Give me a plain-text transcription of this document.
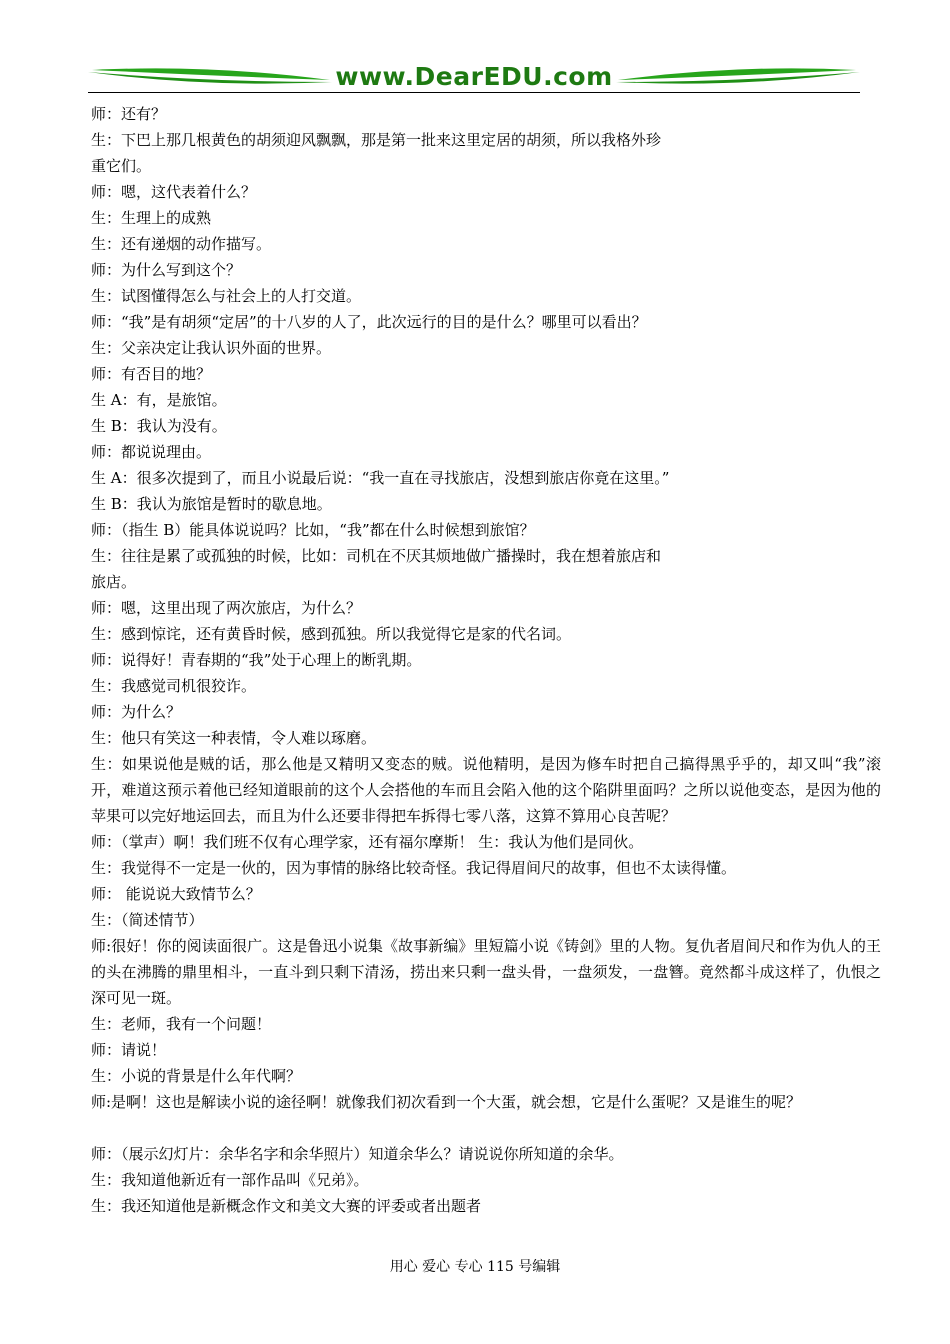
www.DearEDU.com
师：还有？
生：下巴上那几根黄色的胡须迎风飘飘，那是第一批来这里定居的胡须，所以我格外珍
重它们。
师：嗯，这代表着什么？
生：生理上的成熟
生：还有递烟的动作描写。
师：为什么写到这个？
生：试图懂得怎么与社会上的人打交道。
师：“我”是有胡须“定居”的十八岁的人了，此次远行的目的是什么？哪里可以看出？
生：父亲决定让我认识外面的世界。
师：有否目的地？
生 A：有，是旅馆。
生 B：我认为没有。
师：都说说理由。
生 A：很多次提到了，而且小说最后说：“我一直在寻找旅店，没想到旅店你竟在这里。”
生 B：我认为旅馆是暂时的歇息地。
师：（指生 B）能具体说说吗？比如，“我”都在什么时候想到旅馆？
生：往往是累了或孤独的时候，比如：司机在不厌其烦地做广播操时，我在想着旅店和
旅店。
师：嗯，这里出现了两次旅店，为什么？
生：感到惊诧，还有黄昏时候，感到孤独。所以我觉得它是家的代名词。
师：说得好！青春期的“我”处于心理上的断乳期。
生：我感觉司机很狡诈。
师：为什么？
生：他只有笑这一种表情，令人难以琢磨。
生：如果说他是贼的话，那么他是又精明又变态的贼。说他精明，是因为修车时把自己搞得黑乎乎的，却又叫“我”滚开，难道这预示着他已经知道眼前的这个人会搭他的车而且会陷入他的这个陷阱里面吗？之所以说他变态，是因为他的苹果可以完好地运回去，而且为什么还要非得把车拆得七零八落，这算不算用心良苦呢？
师：（掌声）啊！我们班不仅有心理学家，还有福尔摩斯！ 生：我认为他们是同伙。
生：我觉得不一定是一伙的，因为事情的脉络比较奇怪。我记得眉间尺的故事，但也不太读得懂。
师： 能说说大致情节么？
生：（简述情节）
师:很好！你的阅读面很广。这是鲁迅小说集《故事新编》里短篇小说《铸剑》里的人物。复仇者眉间尺和作为仇人的王的头在沸腾的鼎里相斗，一直斗到只剩下清汤，捞出来只剩一盘头骨，一盘须发，一盘簪。竟然都斗成这样了，仇恨之深可见一斑。
生：老师，我有一个问题！
师：请说！
生：小说的背景是什么年代啊？
师:是啊！这也是解读小说的途径啊！就像我们初次看到一个大蛋，就会想，它是什么蛋呢？又是谁生的呢？
师：（展示幻灯片：余华名字和余华照片）知道余华么？请说说你所知道的余华。
生：我知道他新近有一部作品叫《兄弟》。
生：我还知道他是新概念作文和美文大赛的评委或者出题者
用心 爱心 专心 115 号编辑
